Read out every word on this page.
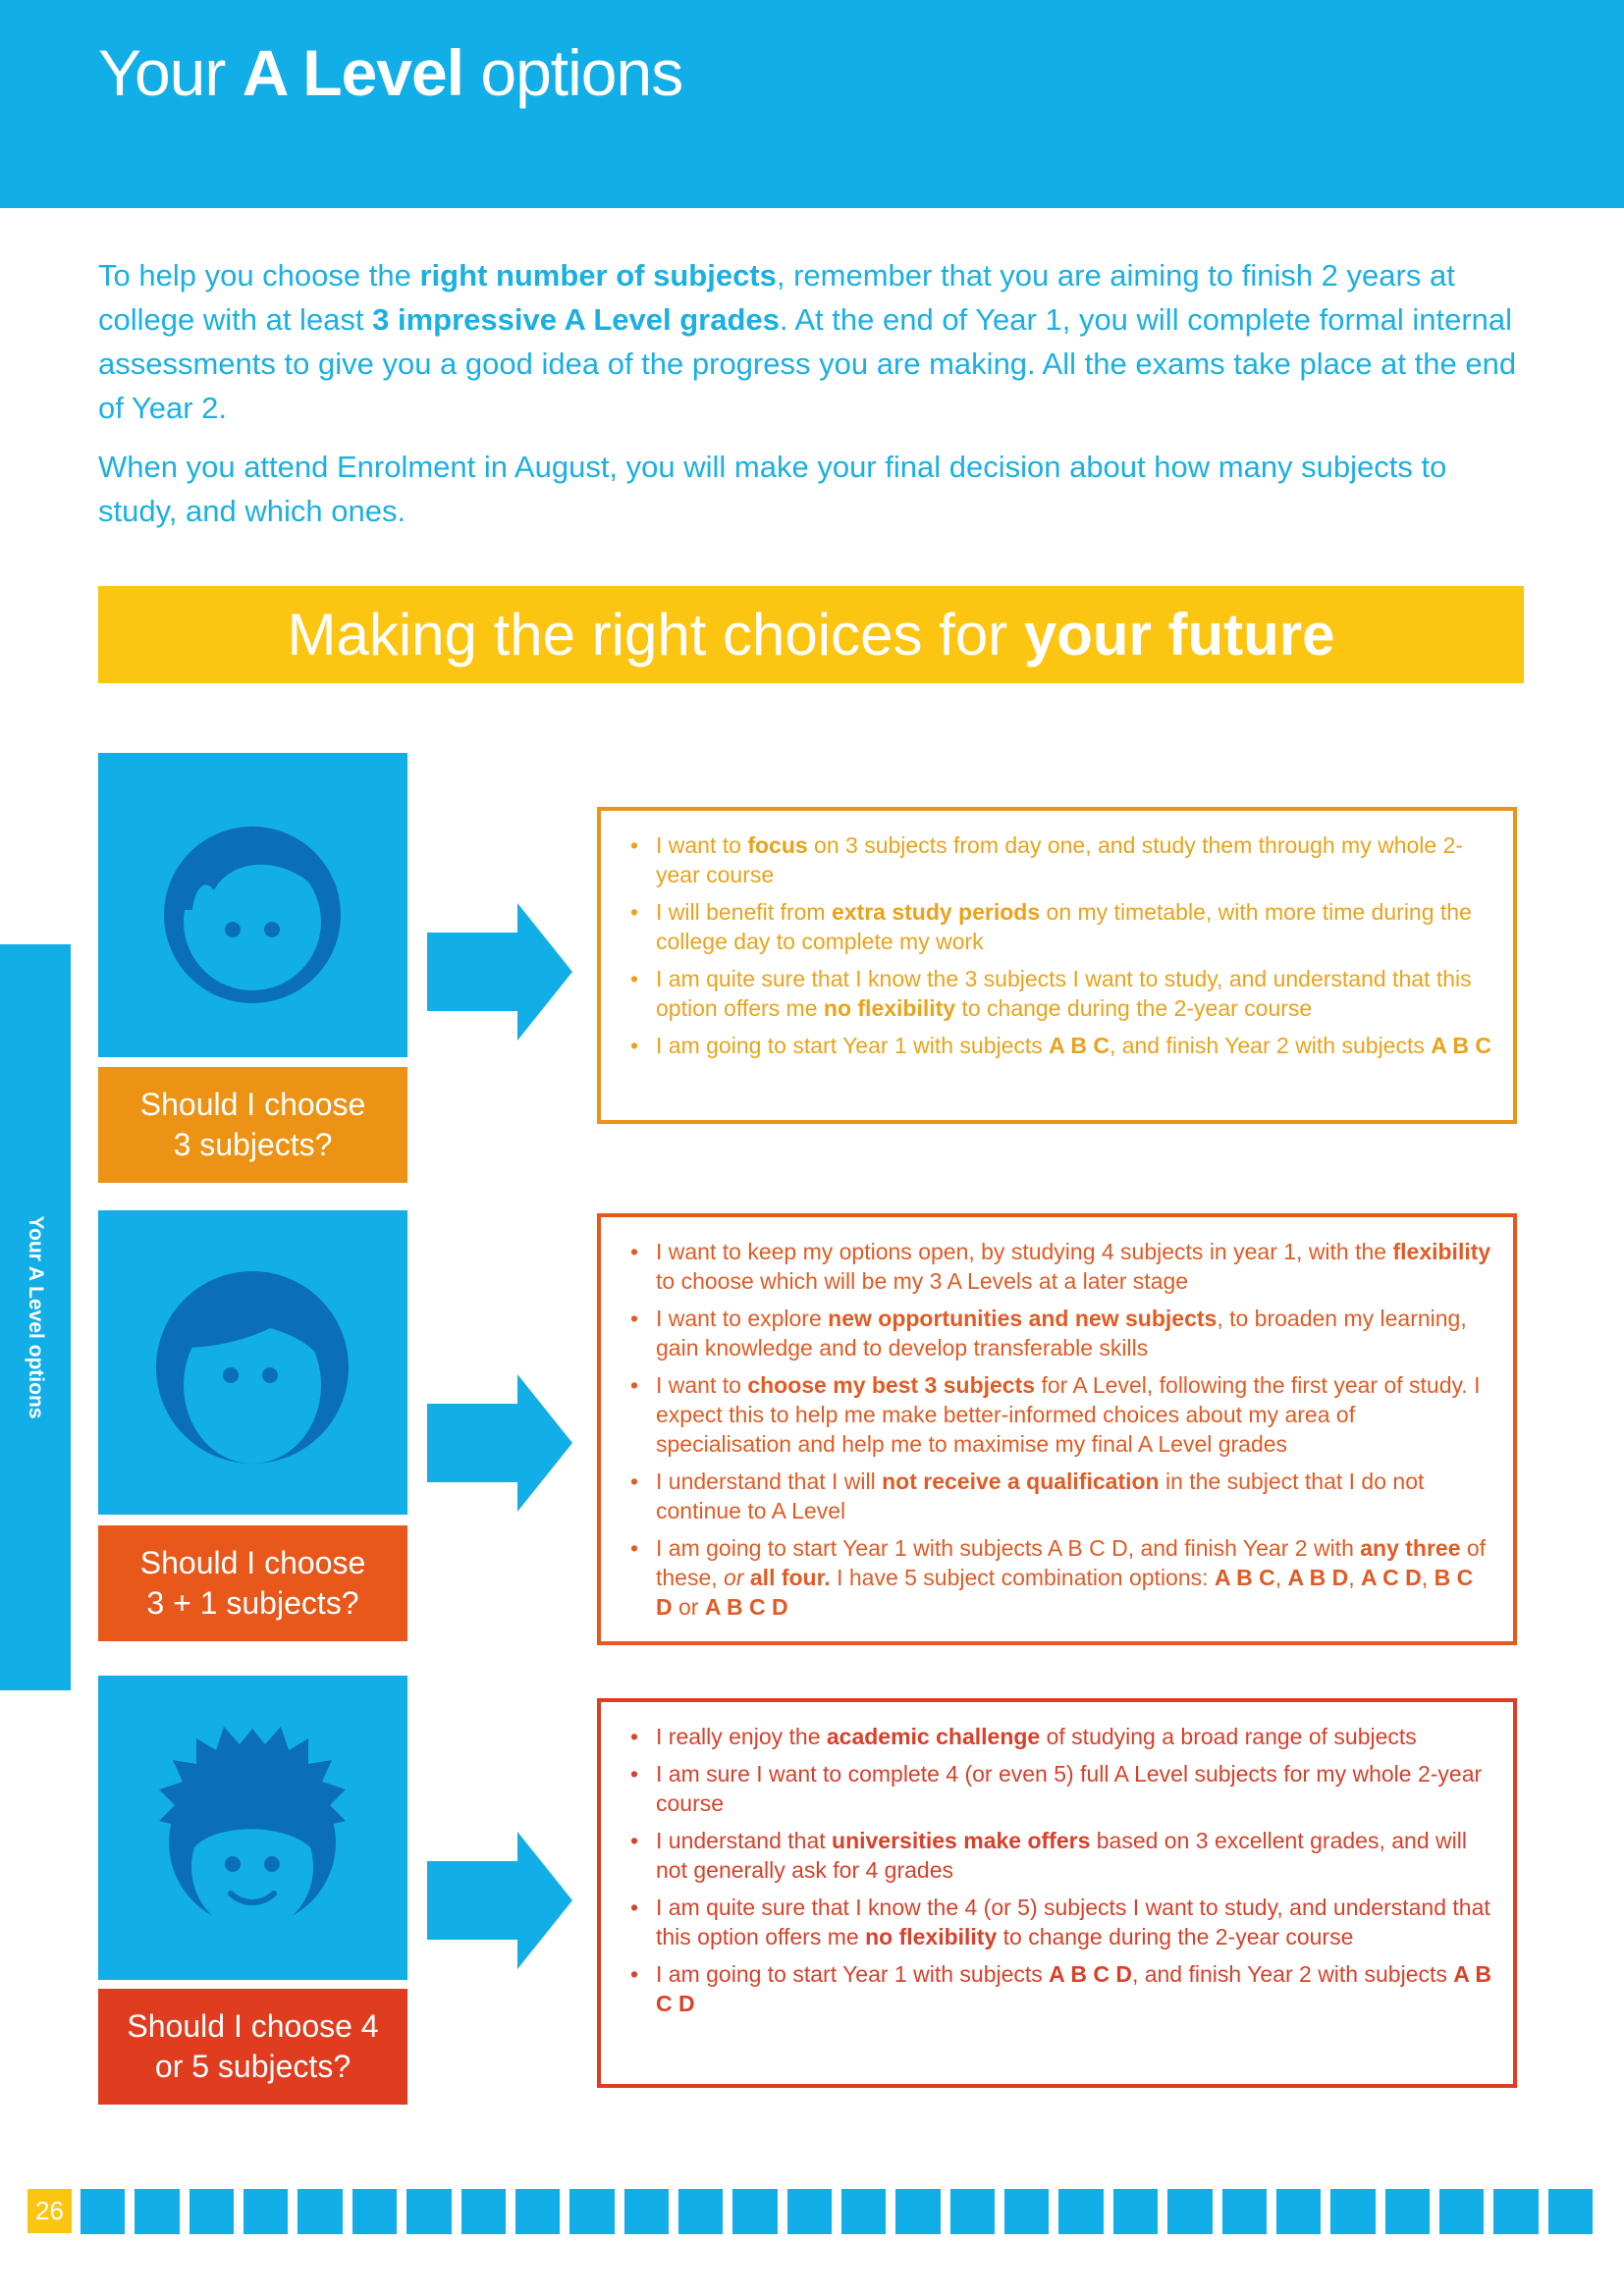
Your A Level options

To help you choose the right number of subjects, remember that you are aiming to finish 2 years at college with at least 3 impressive A Level grades. At the end of Year 1, you will complete formal internal assessments to give you a good idea of the progress you are making. All the exams take place at the end of Year 2.

When you attend Enrolment in August, you will make your final decision about how many subjects to study, and which ones.

Making the right choices for your future
Your A Level options
Should I choose
3 subjects?
• I want to focus on 3 subjects from day one, and study them through my whole 2-year course
• I will benefit from extra study periods on my timetable, with more time during the college day to complete my work
• I am quite sure that I know the 3 subjects I want to study, and understand that this option offers me no flexibility to change during the 2-year course
• I am going to start Year 1 with subjects A B C, and finish Year 2 with subjects A B C
Should I choose
3 + 1 subjects?
• I want to keep my options open, by studying 4 subjects in year 1, with the flexibility to choose which will be my 3 A Levels at a later stage
• I want to explore new opportunities and new subjects, to broaden my learning, gain knowledge and to develop transferable skills
• I want to choose my best 3 subjects for A Level, following the first year of study. I expect this to help me make better-informed choices about my area of specialisation and help me to maximise my final A Level grades
• I understand that I will not receive a qualification in the subject that I do not continue to A Level
• I am going to start Year 1 with subjects A B C D, and finish Year 2 with any three of these, or all four. I have 5 subject combination options: A B C, A B D, A C D, B C D or A B C D
Should I choose 4
or 5 subjects?
• I really enjoy the academic challenge of studying a broad range of subjects
• I am sure I want to complete 4 (or even 5) full A Level subjects for my whole 2-year course
• I understand that universities make offers based on 3 excellent grades, and will not generally ask for 4 grades
• I am quite sure that I know the 4 (or 5) subjects I want to study, and understand that this option offers me no flexibility to change during the 2-year course
• I am going to start Year 1 with subjects A B C D, and finish Year 2 with subjects A B C D
26
